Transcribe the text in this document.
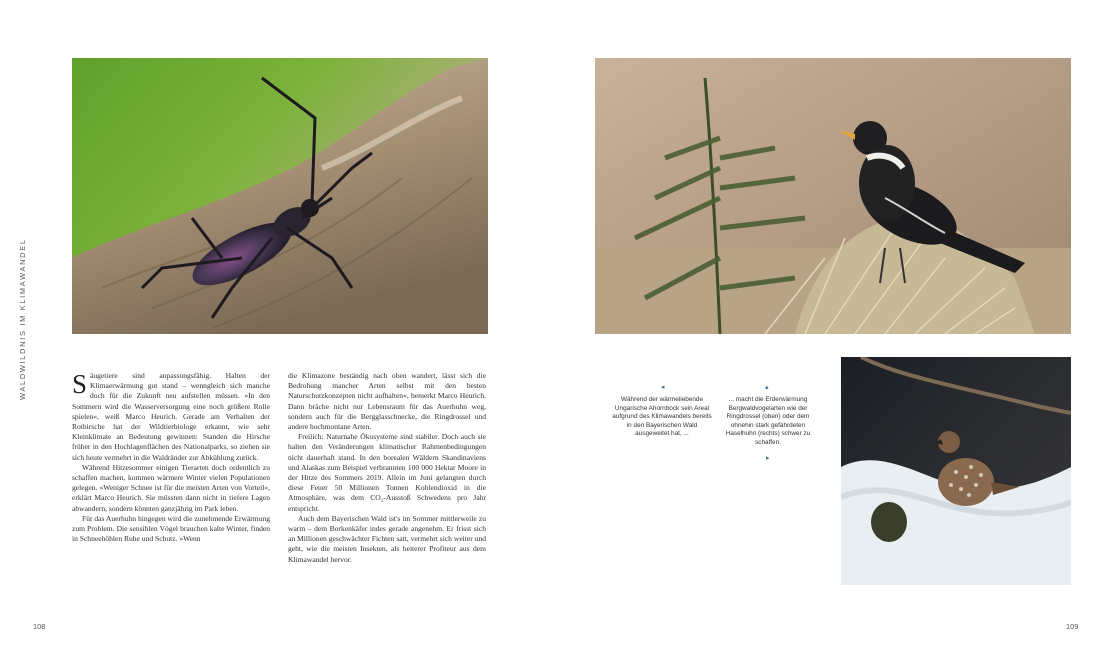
WALDWILDNIS IM KLIMAWANDEL Säugetiere sind anpassungsfähig. Halten der Klimaerwärmung gut stand – wenngleich sich manche doch für die Zukunft neu aufstellen müssen. »In den Sommern wird die Wasserversorgung eine noch größere Rolle spielen«, weiß Marco Heurich. Gerade am Verhalten der Rothirsche hat der Wildtierbiologe erkannt, wie sehr Kleinklimate an Bedeutung gewinnen: Standen die Hirsche früher in den Hochlagenflächen des Nationalparks, so ziehen sie sich heute vermehrt in die Waldränder zur Abkühlung zurück.

Während Hitzesommer einigen Tierarten doch ordentlich zu schaffen machen, kommen wärmere Winter vielen Populationen gelegen. »Weniger Schnee ist für die meisten Arten von Vorteil«, erklärt Marco Heurich. Sie müssten dann nicht in tiefere Lagen abwandern, sondern könnten ganzjährig im Park leben.

Für das Auerhuhn hingegen wird die zunehmende Erwärmung zum Problem. Die sensiblen Vögel brauchen kalte Winter, finden in Schneehöhlen Ruhe und Schutz. »Wenn

die Klimazone beständig nach oben wandert, lässt sich die Bedrohung mancher Arten selbst mit den besten Naturschutzkonzepten nicht aufhalten«, bemerkt Marco Heurich. Dann bräche nicht nur Lebensraum für das Auerhuhn weg, sondern auch für die Bergglasschnecke, die Ringdrossel und andere hochmontane Arten.

Freilich: Naturnahe Ökosysteme sind stabiler. Doch auch sie halten den Veränderungen klimatischer Rahmenbedingungen nicht dauerhaft stand. In den borealen Wäldern Skandinaviens und Alaskas zum Beispiel verbrannten 100 000 Hektar Moore in der Hitze des Sommers 2019. Allein im Juni gelangten durch diese Feuer 50 Millionen Tonnen Kohlendioxid in die Atmosphäre, was dem CO₂-Ausstoß Schwedens pro Jahr entspricht.

Auch dem Bayerischen Wald ist's im Sommer mittlerweile zu warm – dem Borkenkäfer indes gerade angenehm. Er frisst sich an Millionen geschwächter Fichten satt, vermehrt sich weiter und geht, wie die meisten Insekten, als heiterer Profiteur aus dem Klimawandel hervor.

◂
Während der wärmeliebende Ungarische Ahornbock sein Areal aufgrund des Klimawandels bereits in den Bayerischen Wald ausgeweitet hat, ...
▴
... macht die Erderwärmung Bergwaldvogelarten wie der Ringdrossel (oben) oder dem ohnehin stark gefährdeten Haselhuhn (rechts) schwer zu schaffen.
▸
108	109
